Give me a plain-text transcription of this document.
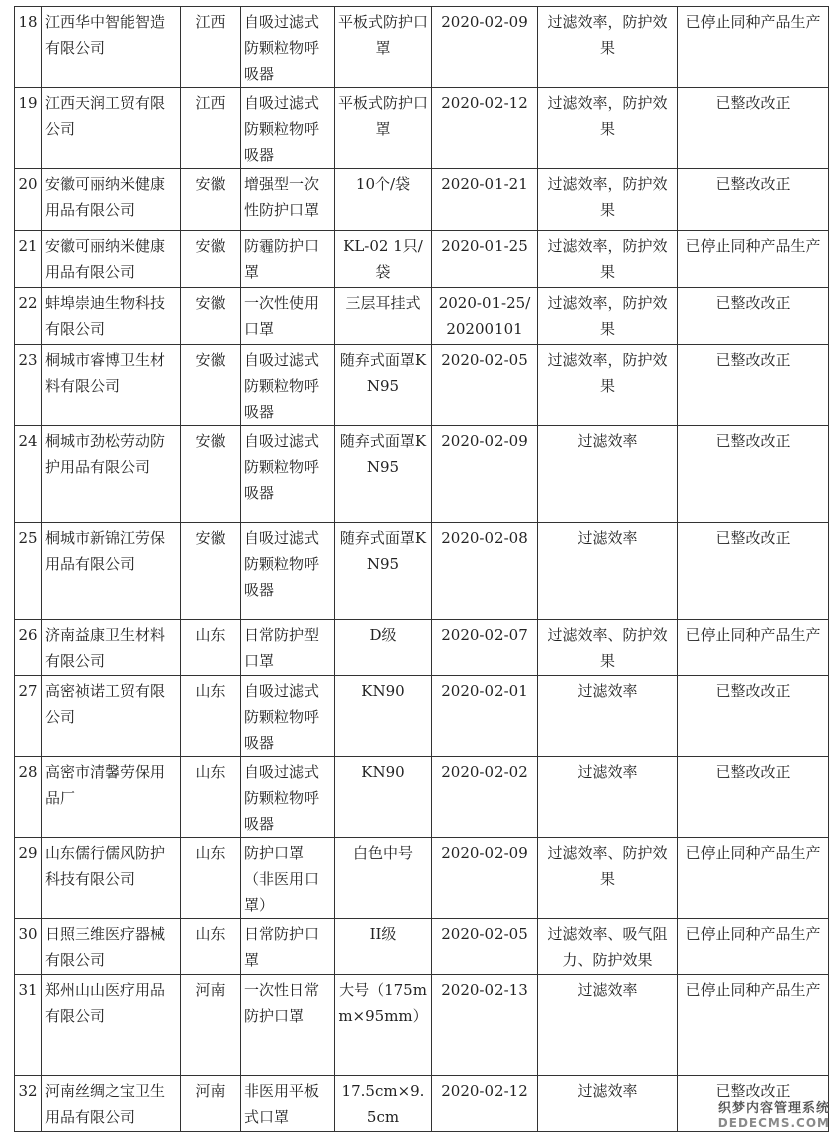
18	江西华中智能智造有限公司	江西	自吸过滤式防颗粒物呼吸器	平板式防护口罩	2020-02-09	过滤效率，防护效果	已停止同种产品生产
19	江西天润工贸有限公司	江西	自吸过滤式防颗粒物呼吸器	平板式防护口罩	2020-02-12	过滤效率，防护效果	已整改改正
20	安徽可丽纳米健康用品有限公司	安徽	增强型一次性防护口罩	10个/袋	2020-01-21	过滤效率，防护效果	已整改改正
21	安徽可丽纳米健康用品有限公司	安徽	防霾防护口罩	KL-02 1只/袋	2020-01-25	过滤效率，防护效果	已停止同种产品生产
22	蚌埠崇迪生物科技有限公司	安徽	一次性使用口罩	三层耳挂式	2020-01-25/20200101	过滤效率，防护效果	已整改改正
23	桐城市睿博卫生材料有限公司	安徽	自吸过滤式防颗粒物呼吸器	随弃式面罩KN95	2020-02-05	过滤效率，防护效果	已整改改正
24	桐城市劲松劳动防护用品有限公司	安徽	自吸过滤式防颗粒物呼吸器	随弃式面罩KN95	2020-02-09	过滤效率	已整改改正
25	桐城市新锦江劳保用品有限公司	安徽	自吸过滤式防颗粒物呼吸器	随弃式面罩KN95	2020-02-08	过滤效率	已整改改正
26	济南益康卫生材料有限公司	山东	日常防护型口罩	D级	2020-02-07	过滤效率、防护效果	已停止同种产品生产
27	高密祯诺工贸有限公司	山东	自吸过滤式防颗粒物呼吸器	KN90	2020-02-01	过滤效率	已整改改正
28	高密市清馨劳保用品厂	山东	自吸过滤式防颗粒物呼吸器	KN90	2020-02-02	过滤效率	已整改改正
29	山东儒行儒风防护科技有限公司	山东	防护口罩（非医用口罩）	白色中号	2020-02-09	过滤效率、防护效果	已停止同种产品生产
30	日照三维医疗器械有限公司	山东	日常防护口罩	II级	2020-02-05	过滤效率、吸气阻力、防护效果	已停止同种产品生产
31	郑州山山医疗用品有限公司	河南	一次性日常防护口罩	大号（175mm×95mm）	2020-02-13	过滤效率	已停止同种产品生产
32	河南丝绸之宝卫生用品有限公司	河南	非医用平板式口罩	17.5cm×9.5cm	2020-02-12	过滤效率	已整改改正
织梦内容管理系统
DEDECMS.COM
